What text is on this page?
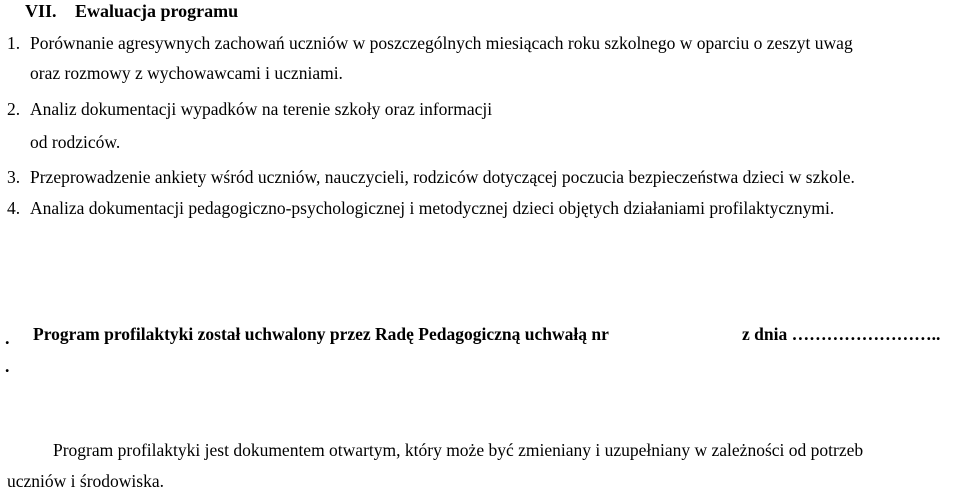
VII. Ewaluacja programu
1. Porównanie agresywnych zachowań uczniów w poszczególnych miesiącach roku szkolnego w oparciu o zeszyt uwag
oraz rozmowy z wychowawcami i uczniami.
2. Analiz dokumentacji wypadków na terenie szkoły oraz informacji
od rodziców.
3. Przeprowadzenie ankiety wśród uczniów, nauczycieli, rodziców dotyczącej poczucia bezpieczeństwa dzieci w szkole.
4. Analiza dokumentacji pedagogiczno-psychologicznej i metodycznej dzieci objętych działaniami profilaktycznymi.
. Program profilaktyki został uchwalony przez Radę Pedagogiczną uchwałą nr	z dnia ……………………..
.
Program profilaktyki jest dokumentem otwartym, który może być zmieniany i uzupełniany w zależności od potrzeb
uczniów i środowiska.
